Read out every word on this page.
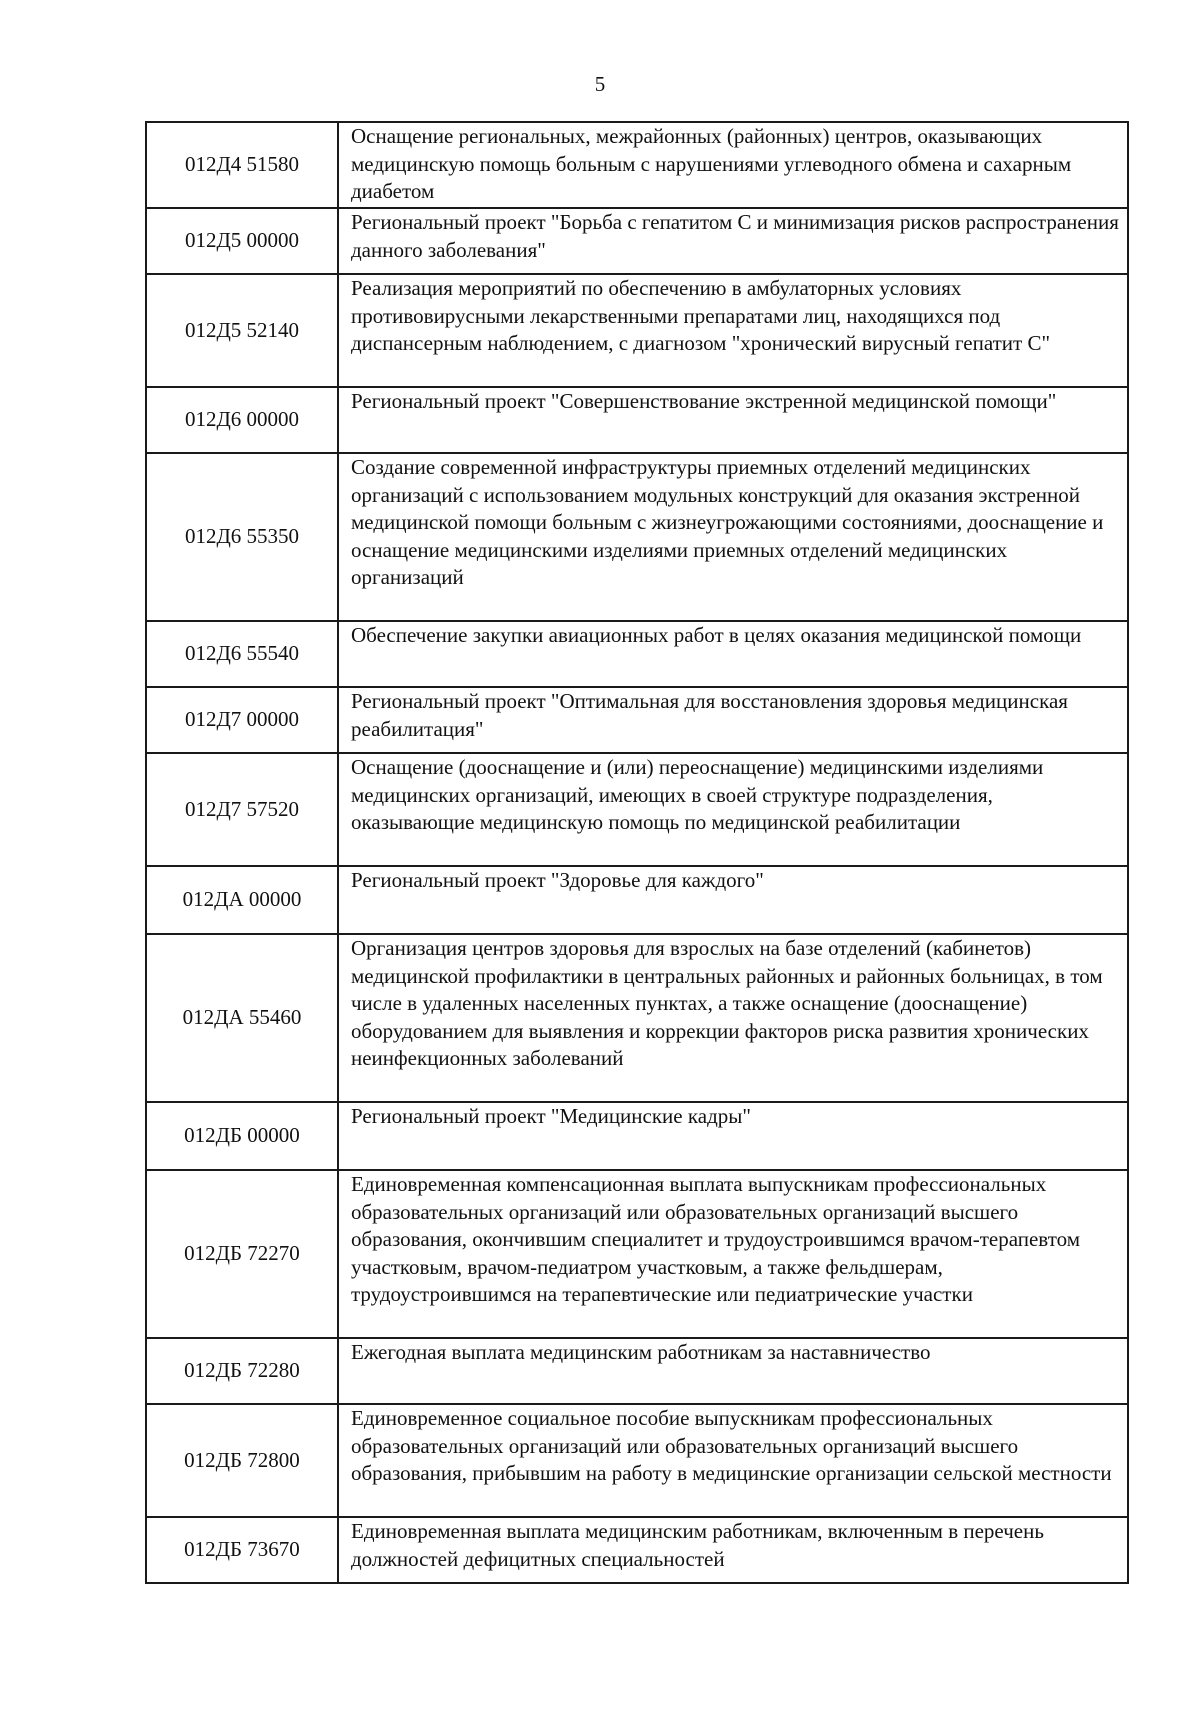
5
012Д4 51580	Оснащение региональных, межрайонных (районных) центров, оказывающих медицинскую помощь больным с нарушениями углеводного обмена и сахарным диабетом
012Д5 00000	Региональный проект "Борьба с гепатитом С и минимизация рисков распространения данного заболевания"
012Д5 52140	Реализация мероприятий по обеспечению в амбулаторных условиях противовирусными лекарственными препаратами лиц, находящихся под диспансерным наблюдением, с диагнозом "хронический вирусный гепатит С"
012Д6 00000	Региональный проект "Совершенствование экстренной медицинской помощи"
012Д6 55350	Создание современной инфраструктуры приемных отделений медицинских организаций с использованием модульных конструкций для оказания экстренной медицинской помощи больным с жизнеугрожающими состояниями, дооснащение и оснащение медицинскими изделиями приемных отделений медицинских организаций
012Д6 55540	Обеспечение закупки авиационных работ в целях оказания медицинской помощи
012Д7 00000	Региональный проект "Оптимальная для восстановления здоровья медицинская реабилитация"
012Д7 57520	Оснащение (дооснащение и (или) переоснащение) медицинскими изделиями медицинских организаций, имеющих в своей структуре подразделения, оказывающие медицинскую помощь по медицинской реабилитации
012ДА 00000	Региональный проект "Здоровье для каждого"
012ДА 55460	Организация центров здоровья для взрослых на базе отделений (кабинетов) медицинской профилактики в центральных районных и районных больницах, в том числе в удаленных населенных пунктах, а также оснащение (дооснащение) оборудованием для выявления и коррекции факторов риска развития хронических неинфекционных заболеваний
012ДБ 00000	Региональный проект "Медицинские кадры"
012ДБ 72270	Единовременная компенсационная выплата выпускникам профессиональных образовательных организаций или образовательных организаций высшего образования, окончившим специалитет и трудоустроившимся врачом-терапевтом участковым, врачом-педиатром участковым, а также фельдшерам, трудоустроившимся на терапевтические или педиатрические участки
012ДБ 72280	Ежегодная выплата медицинским работникам за наставничество
012ДБ 72800	Единовременное социальное пособие выпускникам профессиональных образовательных организаций или образовательных организаций высшего образования, прибывшим на работу в медицинские организации сельской местности
012ДБ 73670	Единовременная выплата медицинским работникам, включенным в перечень должностей дефицитных специальностей
